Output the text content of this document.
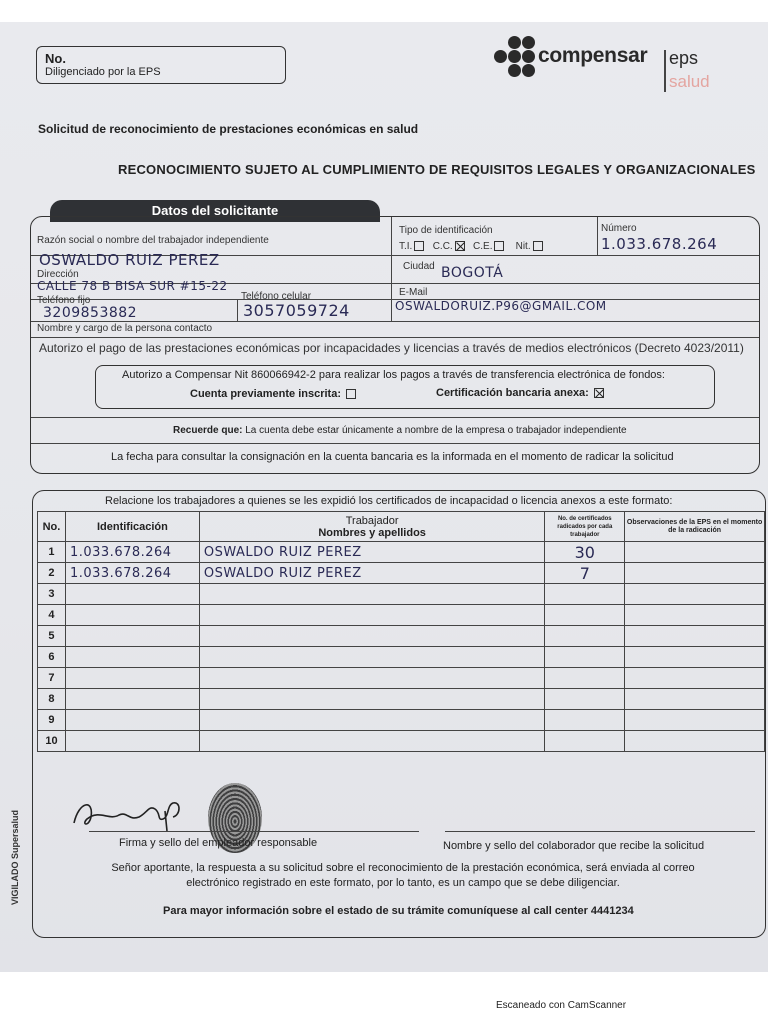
No.
Diligenciado por la EPS
compensar eps
salud
Solicitud de reconocimiento de prestaciones económicas en salud
RECONOCIMIENTO SUJETO AL CUMPLIMIENTO DE REQUISITOS LEGALES Y ORGANIZACIONALES
Datos del solicitante
Razón social o nombre del trabajador independiente
OSWALDO RUIZ PEREZ
Tipo de identificación
T.I. C.C. C.E. Nit.
Número
1.033.678.264
Dirección
CALLE 78 B BISA SUR #15-22
Ciudad BOGOTÁ
Teléfono fijo
3209853882
Teléfono celular
3057059724
E-Mail
OSWALDORUIZ.P96@GMAIL.COM
Nombre y cargo de la persona contacto
Autorizo el pago de las prestaciones económicas por incapacidades y licencias a través de medios electrónicos (Decreto 4023/2011)
Autorizo a Compensar Nit 860066942-2 para realizar los pagos a través de transferencia electrónica de fondos:
Cuenta previamente inscrita:	Certificación bancaria anexa:
Recuerde que: La cuenta debe estar únicamente a nombre de la empresa o trabajador independiente
La fecha para consultar la consignación en la cuenta bancaria es la informada en el momento de radicar la solicitud
Relacione los trabajadores a quienes se les expidió los certificados de incapacidad o licencia anexos a este formato:
No.	Identificación	Trabajador
Nombres y apellidos	No. de certificados radicados por cada trabajador	Observaciones de la EPS en el momento de la radicación
1	1.033.678.264	OSWALDO RUIZ PEREZ	30	
2	1.033.678.264	OSWALDO RUIZ PEREZ	7	
3				
4				
5				
6				
7				
8				
9				
10				
Firma y sello del empleador responsable	Nombre y sello del colaborador que recibe la solicitud
Señor aportante, la respuesta a su solicitud sobre el reconocimiento de la prestación económica, será enviada al correo electrónico registrado en este formato, por lo tanto, es un campo que se debe diligenciar.
Para mayor información sobre el estado de su trámite comuníquese al call center 4441234
VIGILADO Supersalud
Escaneado con CamScanner
